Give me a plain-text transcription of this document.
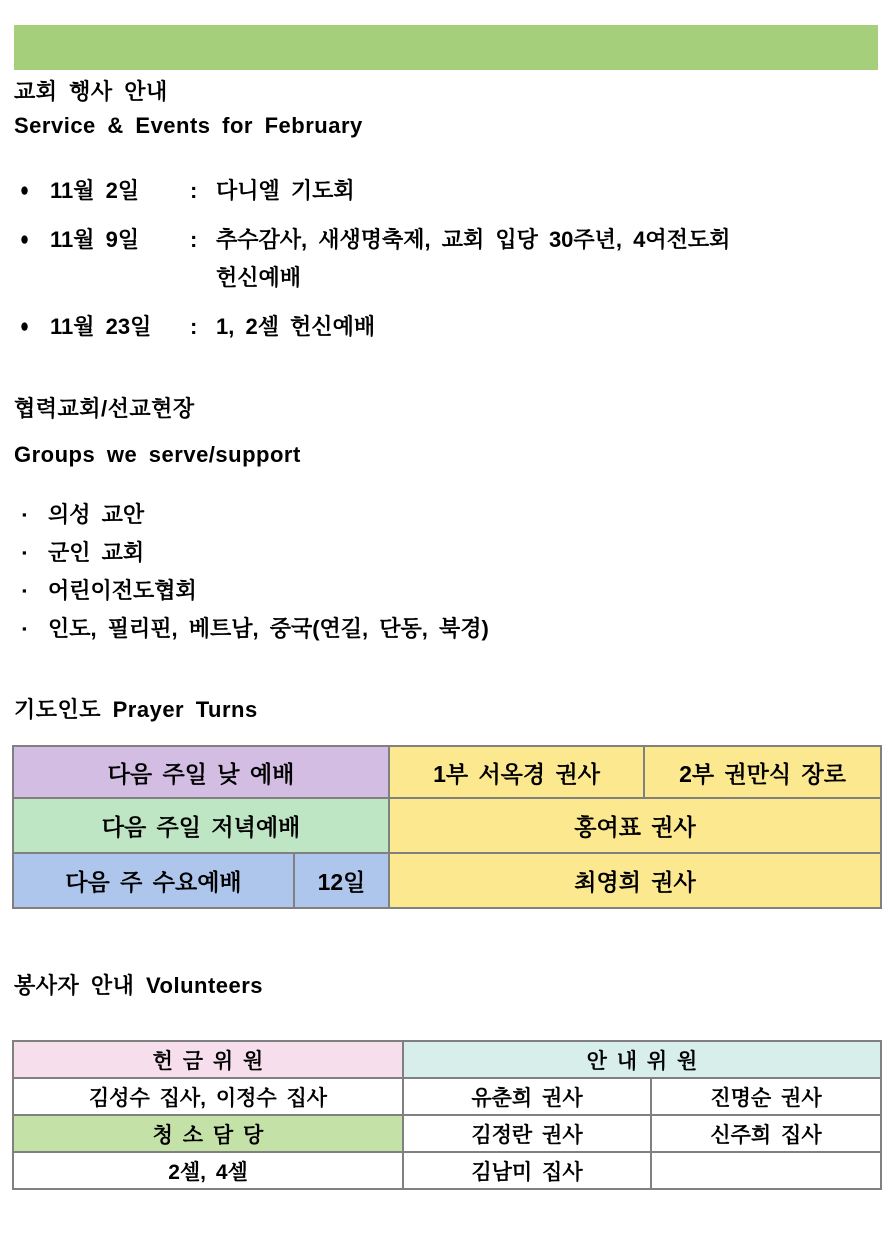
교회 행사 안내
Service & Events for February
● 11월 2일	: 다니엘 기도회
● 11월 9일	: 추수감사, 새생명축제, 교회 입당 30주년, 4여전도회
헌신예배
● 11월 23일	: 1, 2셀 헌신예배
협력교회/선교현장
Groups we serve/support
▪ 의성 교안
▪ 군인 교회
▪ 어린이전도협회
▪ 인도, 필리핀, 베트남, 중국(연길, 단동, 북경)
기도인도 Prayer Turns
다음 주일 낮 예배		1부 서옥경 권사	2부 권만식 장로
다음 주일 저녁예배		홍여표 권사	
다음 주 수요예배	12일	최영희 권사	
봉사자 안내 Volunteers
헌 금 위 원	안 내 위 원	
김성수 집사, 이정수 집사	유춘희 권사	진명순 권사
청 소 담 당	김정란 권사	신주희 집사
2셀, 4셀	김남미 집사	
